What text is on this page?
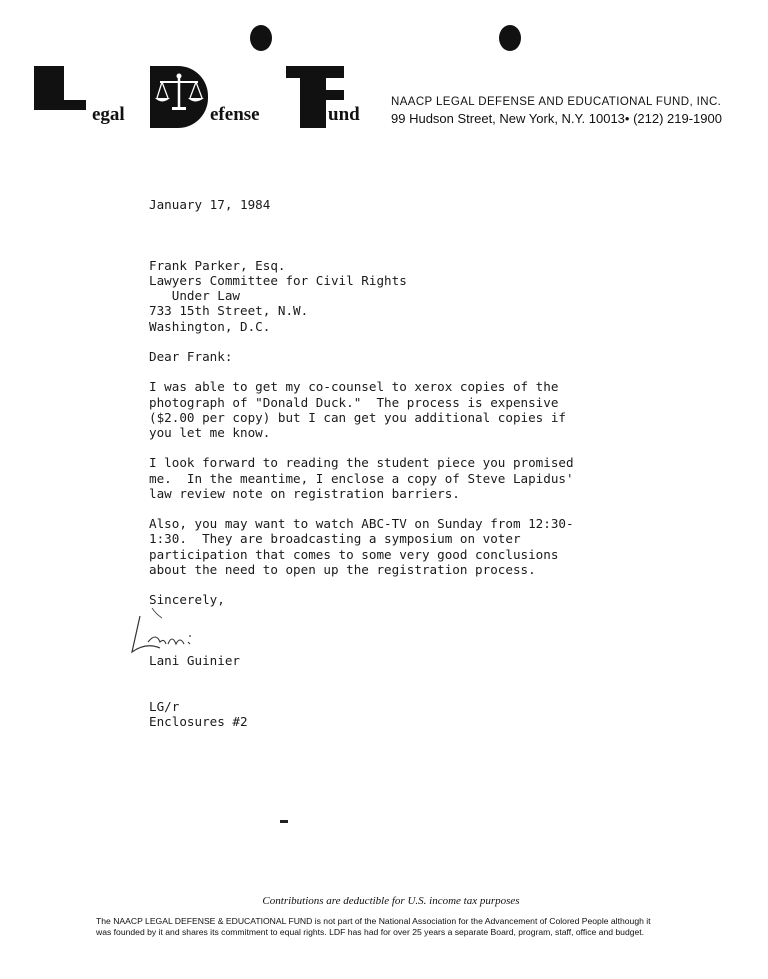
egal	efense	und
NAACP LEGAL DEFENSE AND EDUCATIONAL FUND, INC.
99 Hudson Street, New York, N.Y. 10013• (212) 219-1900

January 17, 1984

Frank Parker, Esq.

Lawyers Committee for Civil Rights

Under Law

733 15th Street, N.W.

Washington, D.C.

Dear Frank:

I was able to get my co-counsel to xerox copies of the

photograph of "Donald Duck."  The process is expensive

($2.00 per copy) but I can get you additional copies if

you let me know.

I look forward to reading the student piece you promised

me.  In the meantime, I enclose a copy of Steve Lapidus'

law review note on registration barriers.

Also, you may want to watch ABC-TV on Sunday from 12:30-

1:30.  They are broadcasting a symposium on voter

participation that comes to some very good conclusions

about the need to open up the registration process.

Sincerely,

Lani Guinier

LG/r

Enclosures #2

Contributions are deductible for U.S. income tax purposes
The NAACP LEGAL DEFENSE & EDUCATIONAL FUND is not part of the National Association for the Advancement of Colored People although it
was founded by it and shares its commitment to equal rights. LDF has had for over 25 years a separate Board, program, staff, office and budget.
